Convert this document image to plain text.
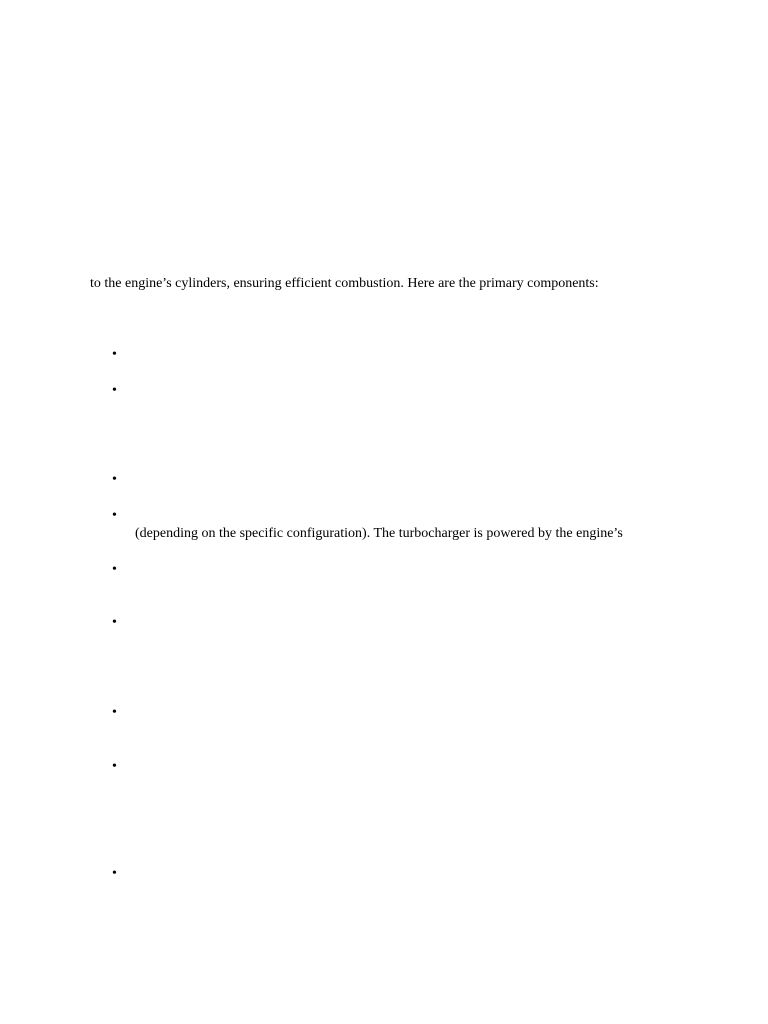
to the engine’s cylinders, ensuring efficient combustion. Here are the primary components:
•
•
•
•
(depending on the specific configuration). The turbocharger is powered by the engine’s
•
•
•
•
•
